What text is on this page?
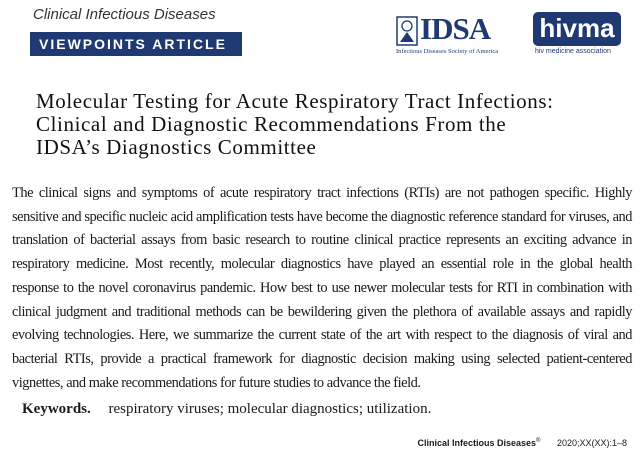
Clinical Infectious Diseases
VIEWPOINTS ARTICLE	IDSA
Infectious Diseases Society of America
hivma
hiv medicine association
Molecular Testing for Acute Respiratory Tract Infections:
Clinical and Diagnostic Recommendations From the
IDSA’s Diagnostics Committee

The clinical signs and symptoms of acute respiratory tract infections (RTIs) are not pathogen specific. Highly sensitive and specific nucleic acid amplification tests have become the diagnostic reference standard for viruses, and translation of bacterial assays from basic research to routine clinical practice represents an exciting advance in respiratory medicine. Most recently, molecular diagnostics have played an essential role in the global health response to the novel coronavirus pandemic. How best to use newer molecular tests for RTI in combination with clinical judgment and traditional methods can be bewildering given the plethora of available assays and rapidly evolving technologies. Here, we summarize the current state of the art with respect to the diagnosis of viral and bacterial RTIs, provide a practical framework for diagnostic decision making using selected patient-centered vignettes, and make recommendations for future studies to advance the field.

Keywords. respiratory viruses; molecular diagnostics; utilization.
Clinical Infectious Diseases® 2020;XX(XX):1–8
